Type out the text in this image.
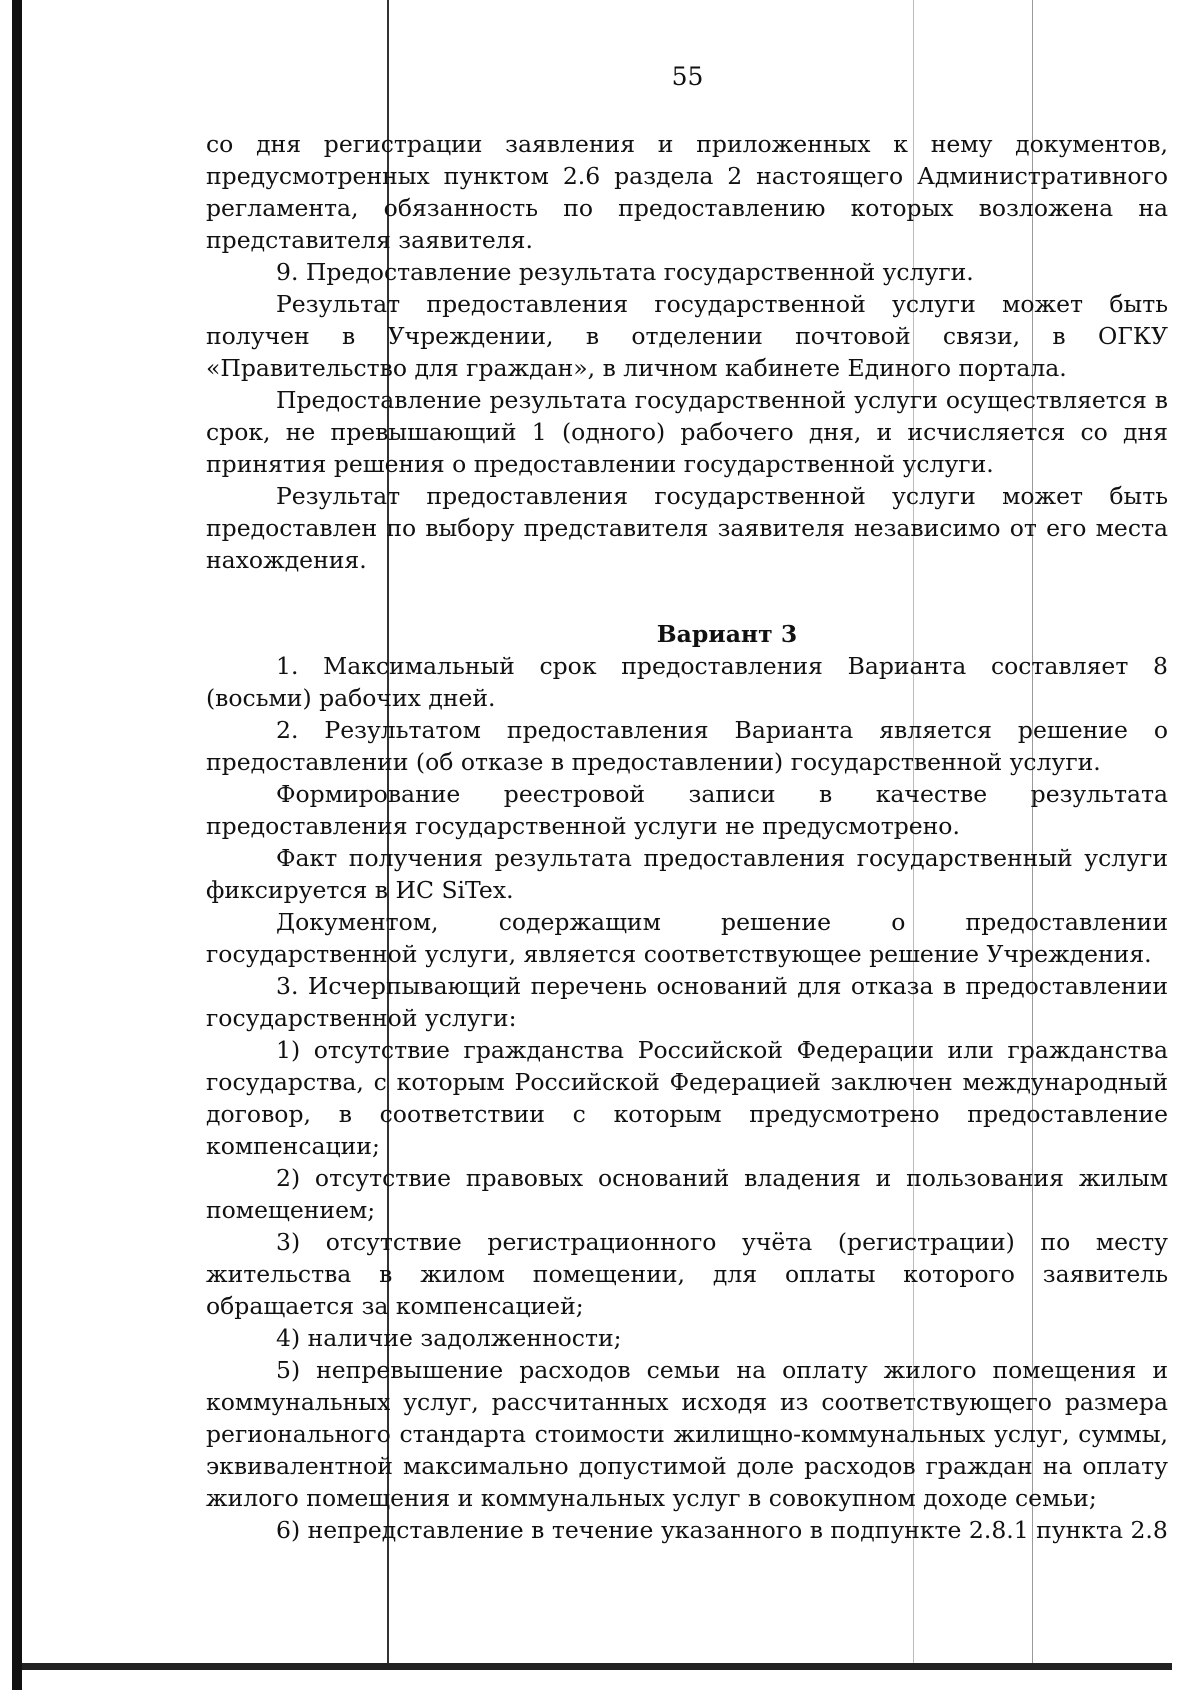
55

со дня регистрации заявления и приложенных к нему документов, предусмотренных пунктом 2.6 раздела 2 настоящего Административного регламента, обязанность по предоставлению которых возложена на представителя заявителя.

9. Предоставление результата государственной услуги.

Результат предоставления государственной услуги может быть получен в Учреждении, в отделении почтовой связи, в ОГКУ «Правительство для граждан», в личном кабинете Единого портала.

Предоставление результата государственной услуги осуществляется в срок, не превышающий 1 (одного) рабочего дня, и исчисляется со дня принятия решения о предоставлении государственной услуги.

Результат предоставления государственной услуги может быть предоставлен по выбору представителя заявителя независимо от его места нахождения.

Вариант 3

1. Максимальный срок предоставления Варианта составляет 8 (восьми) рабочих дней.

2. Результатом предоставления Варианта является решение о предоставлении (об отказе в предоставлении) государственной услуги.

Формирование реестровой записи в качестве результата предоставления государственной услуги не предусмотрено.

Факт получения результата предоставления государственный услуги фиксируется в ИС SiTex.

Документом, содержащим решение о предоставлении государственной услуги, является соответствующее решение Учреждения.

3. Исчерпывающий перечень оснований для отказа в предоставлении государственной услуги:

1) отсутствие гражданства Российской Федерации или гражданства государства, с которым Российской Федерацией заключен международный договор, в соответствии с которым предусмотрено предоставление компенсации;

2) отсутствие правовых оснований владения и пользования жилым помещением;

3) отсутствие регистрационного учёта (регистрации) по месту жительства в жилом помещении, для оплаты которого заявитель обращается за компенсацией;

4) наличие задолженности;

5) непревышение расходов семьи на оплату жилого помещения и коммунальных услуг, рассчитанных исходя из соответствующего размера регионального стандарта стоимости жилищно-коммунальных услуг, суммы, эквивалентной максимально допустимой доле расходов граждан на оплату жилого помещения и коммунальных услуг в совокупном доходе семьи;

6) непредставление в течение указанного в подпункте 2.8.1 пункта 2.8
